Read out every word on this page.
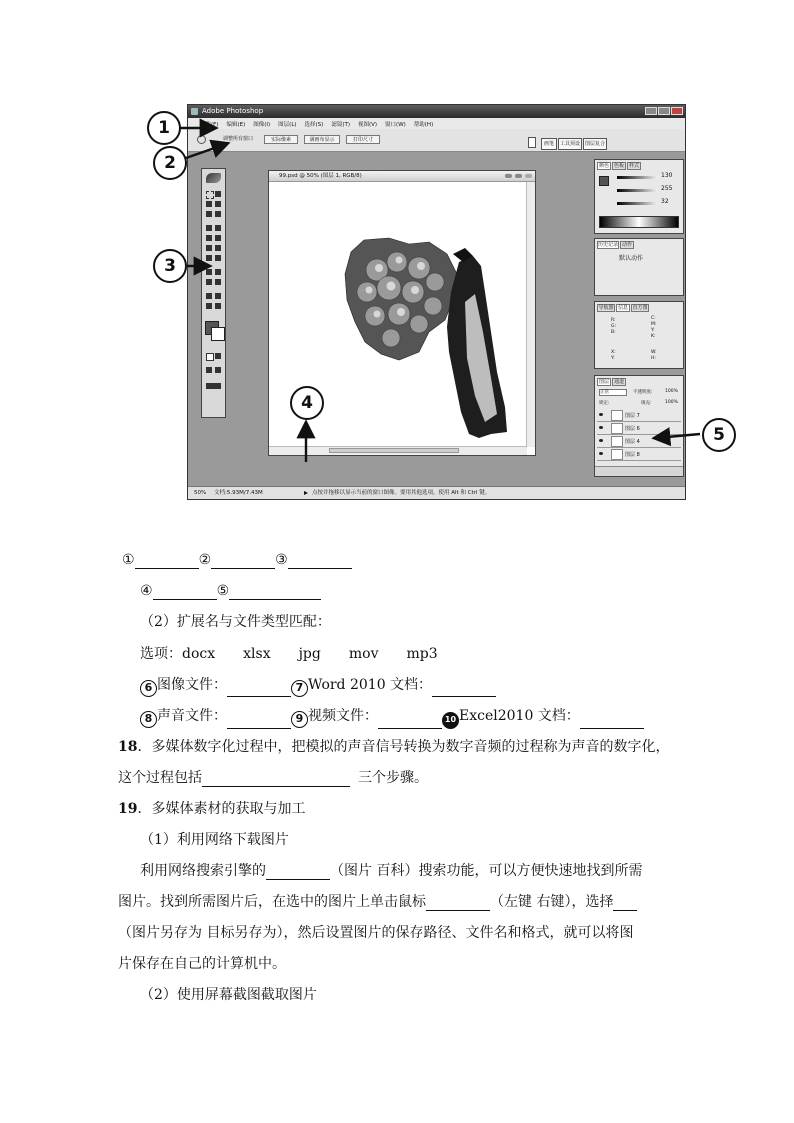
Adobe Photoshop
文件(F)	编辑(E)	图像(I)	图层(L)	选择(S)	滤镜(T)	视图(V)	窗口(W)	帮助(H)
调整所有窗口	实际像素	满画布显示	打印尺寸
画笔	工具预设 图层复合
99.psd @ 50% (图层 1, RGB/8)
颜色 色板 样式
130
255
32
历史记录 动作
默认动作
导航器 信息 直方图
R:
G:
B:
C:
M:
Y:
K:
X:
Y:
W:
H:
图层 通道
正常	不透明度:	100%
锁定:	填充:	100%
图层 7
图层 6
图层 4
图层 8
50% 文档:5.93M/7.43M	点按并拖移以显示当前的窗口图像。要用其他选项，使用 Alt 和 Ctrl 键。
1
2
3
4
5
①	②	③
④	⑤
（2）扩展名与文件类型匹配：
选项：docx xlsx jpg mov mp3
6 图像文件：	7 Word 2010 文档：
8 声音文件：	9 视频文件：	10 Excel2010 文档：
18．多媒体数字化过程中，把模拟的声音信号转换为数字音频的过程称为声音的数字化，
这个过程包括	三个步骤。
19．多媒体素材的获取与加工
（1）利用网络下载图片
利用网络搜索引擎的	（图片 百科）搜索功能，可以方便快速地找到所需
图片。找到所需图片后，在选中的图片上单击鼠标	（左键 右键），选择
（图片另存为 目标另存为），然后设置图片的保存路径、文件名和格式，就可以将图
片保存在自己的计算机中。
（2）使用屏幕截图截取图片
